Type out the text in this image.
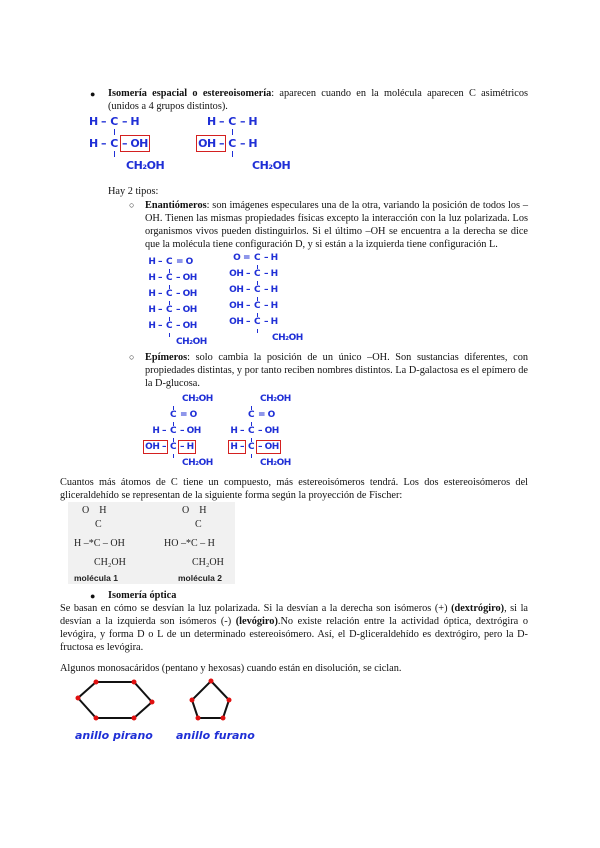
● Isomería espacial o estereoisomería: aparecen cuando en la molécula aparecen C asimétricos (unidos a 4 grupos distintos).
H – C – H
H – C – OH
CH₂OH
H – C – H
OH – C – H
CH₂OH
Hay 2 tipos:
○ Enantiómeros: son imágenes especulares una de la otra, variando la posición de todos los –OH. Tienen las mismas propiedades físicas excepto la interacción con la luz polarizada. Los organismos vivos pueden distinguirlos. Si el último –OH se encuentra a la derecha se dice que la molécula tiene configuración D, y si están a la izquierda tiene configuración L.
H – C = O
H – C – OH
H – C – OH
H – C – OH
H – C – OH
CH₂OH
O = C – H
OH – C – H
OH – C – H
OH – C – H
OH – C – H
CH₂OH
○ Epímeros: solo cambia la posición de un único –OH. Son sustancias diferentes, con propiedades distintas, y por tanto reciben nombres distintos. La D-galactosa es el epímero de la D-glucosa.
CH₂OH
C = O
H – C – OH
OH – C – H
CH₂OH
CH₂OH
C = O
H – C – OH
H – C – OH
CH₂OH
Cuantos más átomos de C tiene un compuesto, más estereoisómeros tendrá. Los dos estereoisómeros del gliceraldehído se representan de la siguiente forma según la proyección de Fischer:
O    H
C
H –*C – OH
CH₂OH
molécula 1
O    H
C
HO –*C – H
CH₂OH
molécula 2
● Isomería óptica
Se basan en cómo se desvían la luz polarizada. Si la desvían a la derecha son isómeros (+) (dextrógiro), si la desvían a la izquierda son isómeros (-) (levógiro).No existe relación entre la actividad óptica, dextrógira o levógira, y forma D o L de un determinado estereoisómero. Así, el D-gliceraldehído es dextrógiro, pero la D-fructosa es levógira.
Algunos monosacáridos (pentano y hexosas) cuando están en disolución, se ciclan.
anillo pirano anillo furano
